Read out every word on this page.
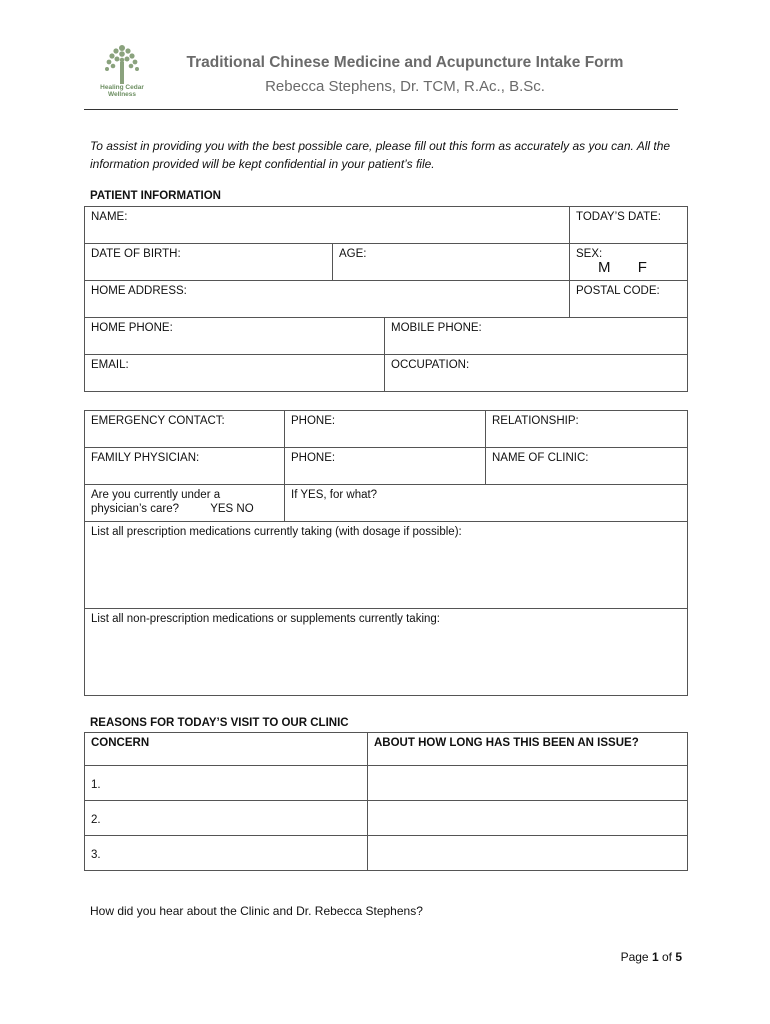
Healing Cedar
Wellness
Traditional Chinese Medicine and Acupuncture Intake Form
Rebecca Stephens, Dr. TCM, R.Ac., B.Sc.
To assist in providing you with the best possible care, please fill out this form as accurately as you can. All the information provided will be kept confidential in your patient’s file.
PATIENT INFORMATION
NAME:			TODAY’S DATE:
DATE OF BIRTH:	AGE:		SEX:
M F
HOME ADDRESS:			POSTAL CODE:
HOME PHONE:		MOBILE PHONE:	
EMAIL:		OCCUPATION:	
EMERGENCY CONTACT:	PHONE:	RELATIONSHIP:
FAMILY PHYSICIAN:	PHONE:	NAME OF CLINIC:
Are you currently under a
physician’s care? YES NO	If YES, for what?	
List all prescription medications currently taking (with dosage if possible):		
List all non-prescription medications or supplements currently taking:		
REASONS FOR TODAY’S VISIT TO OUR CLINIC
CONCERN	ABOUT HOW LONG HAS THIS BEEN AN ISSUE?
1.	
2.	
3.	
How did you hear about the Clinic and Dr. Rebecca Stephens?
Page 1 of 5
